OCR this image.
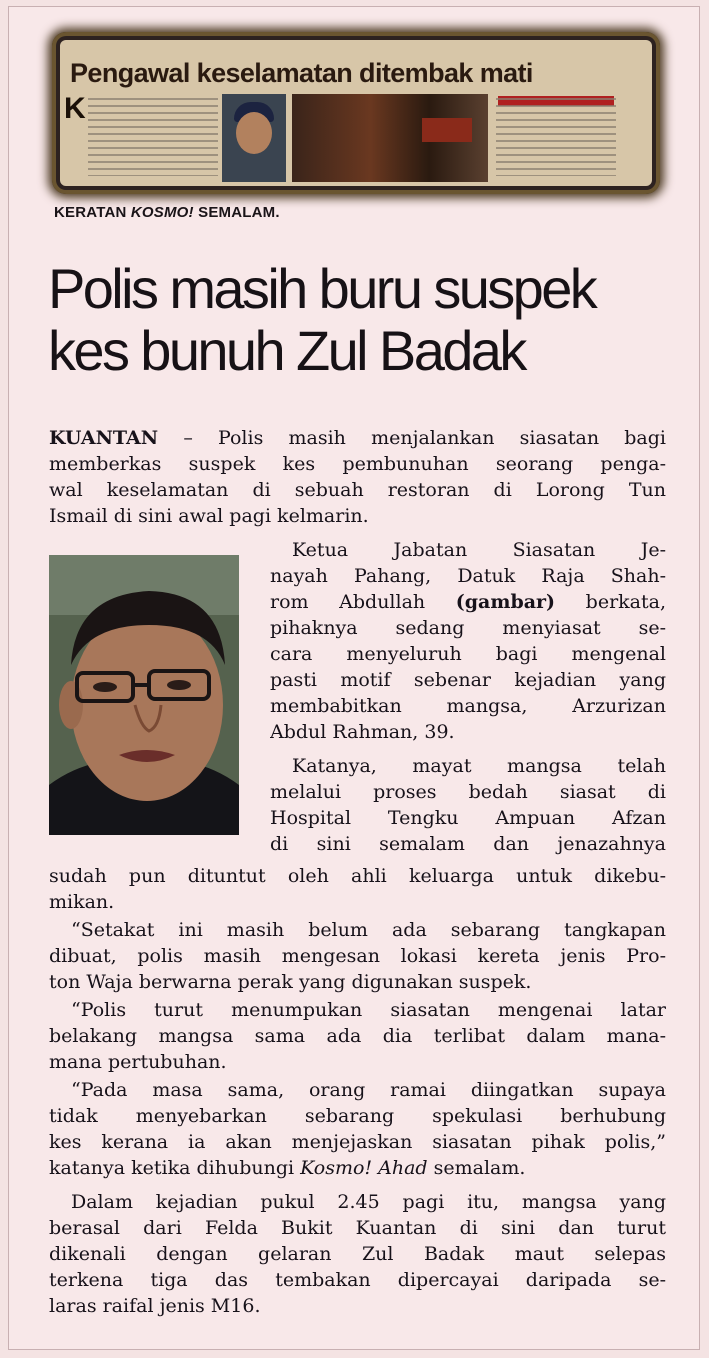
Pengawal keselamatan ditembak mati
K
KERATAN KOSMO! SEMALAM.
Polis masih buru suspek
kes bunuh Zul Badak
KUANTAN – Polis masih menjalankan siasatan bagi
memberkas suspek kes pembunuhan seorang penga-
wal keselamatan di sebuah restoran di Lorong Tun
Ismail di sini awal pagi kelmarin.
Ketua Jabatan Siasatan Je-
nayah Pahang, Datuk Raja Shah-
rom Abdullah (gambar) berkata,
pihaknya sedang menyiasat se-
cara menyeluruh bagi mengenal
pasti motif sebenar kejadian yang
membabitkan mangsa, Arzurizan
Abdul Rahman, 39.
Katanya, mayat mangsa telah
melalui proses bedah siasat di
Hospital Tengku Ampuan Afzan
di sini semalam dan jenazahnya
sudah pun dituntut oleh ahli keluarga untuk dikebu-
mikan.
“Setakat ini masih belum ada sebarang tangkapan
dibuat, polis masih mengesan lokasi kereta jenis Pro-
ton Waja berwarna perak yang digunakan suspek.
“Polis turut menumpukan siasatan mengenai latar
belakang mangsa sama ada dia terlibat dalam mana-
mana pertubuhan.
“Pada masa sama, orang ramai diingatkan supaya
tidak menyebarkan sebarang spekulasi berhubung
kes kerana ia akan menjejaskan siasatan pihak polis,”
katanya ketika dihubungi Kosmo! Ahad semalam.
Dalam kejadian pukul 2.45 pagi itu, mangsa yang
berasal dari Felda Bukit Kuantan di sini dan turut
dikenali dengan gelaran Zul Badak maut selepas
terkena tiga das tembakan dipercayai daripada se-
laras raifal jenis M16.
